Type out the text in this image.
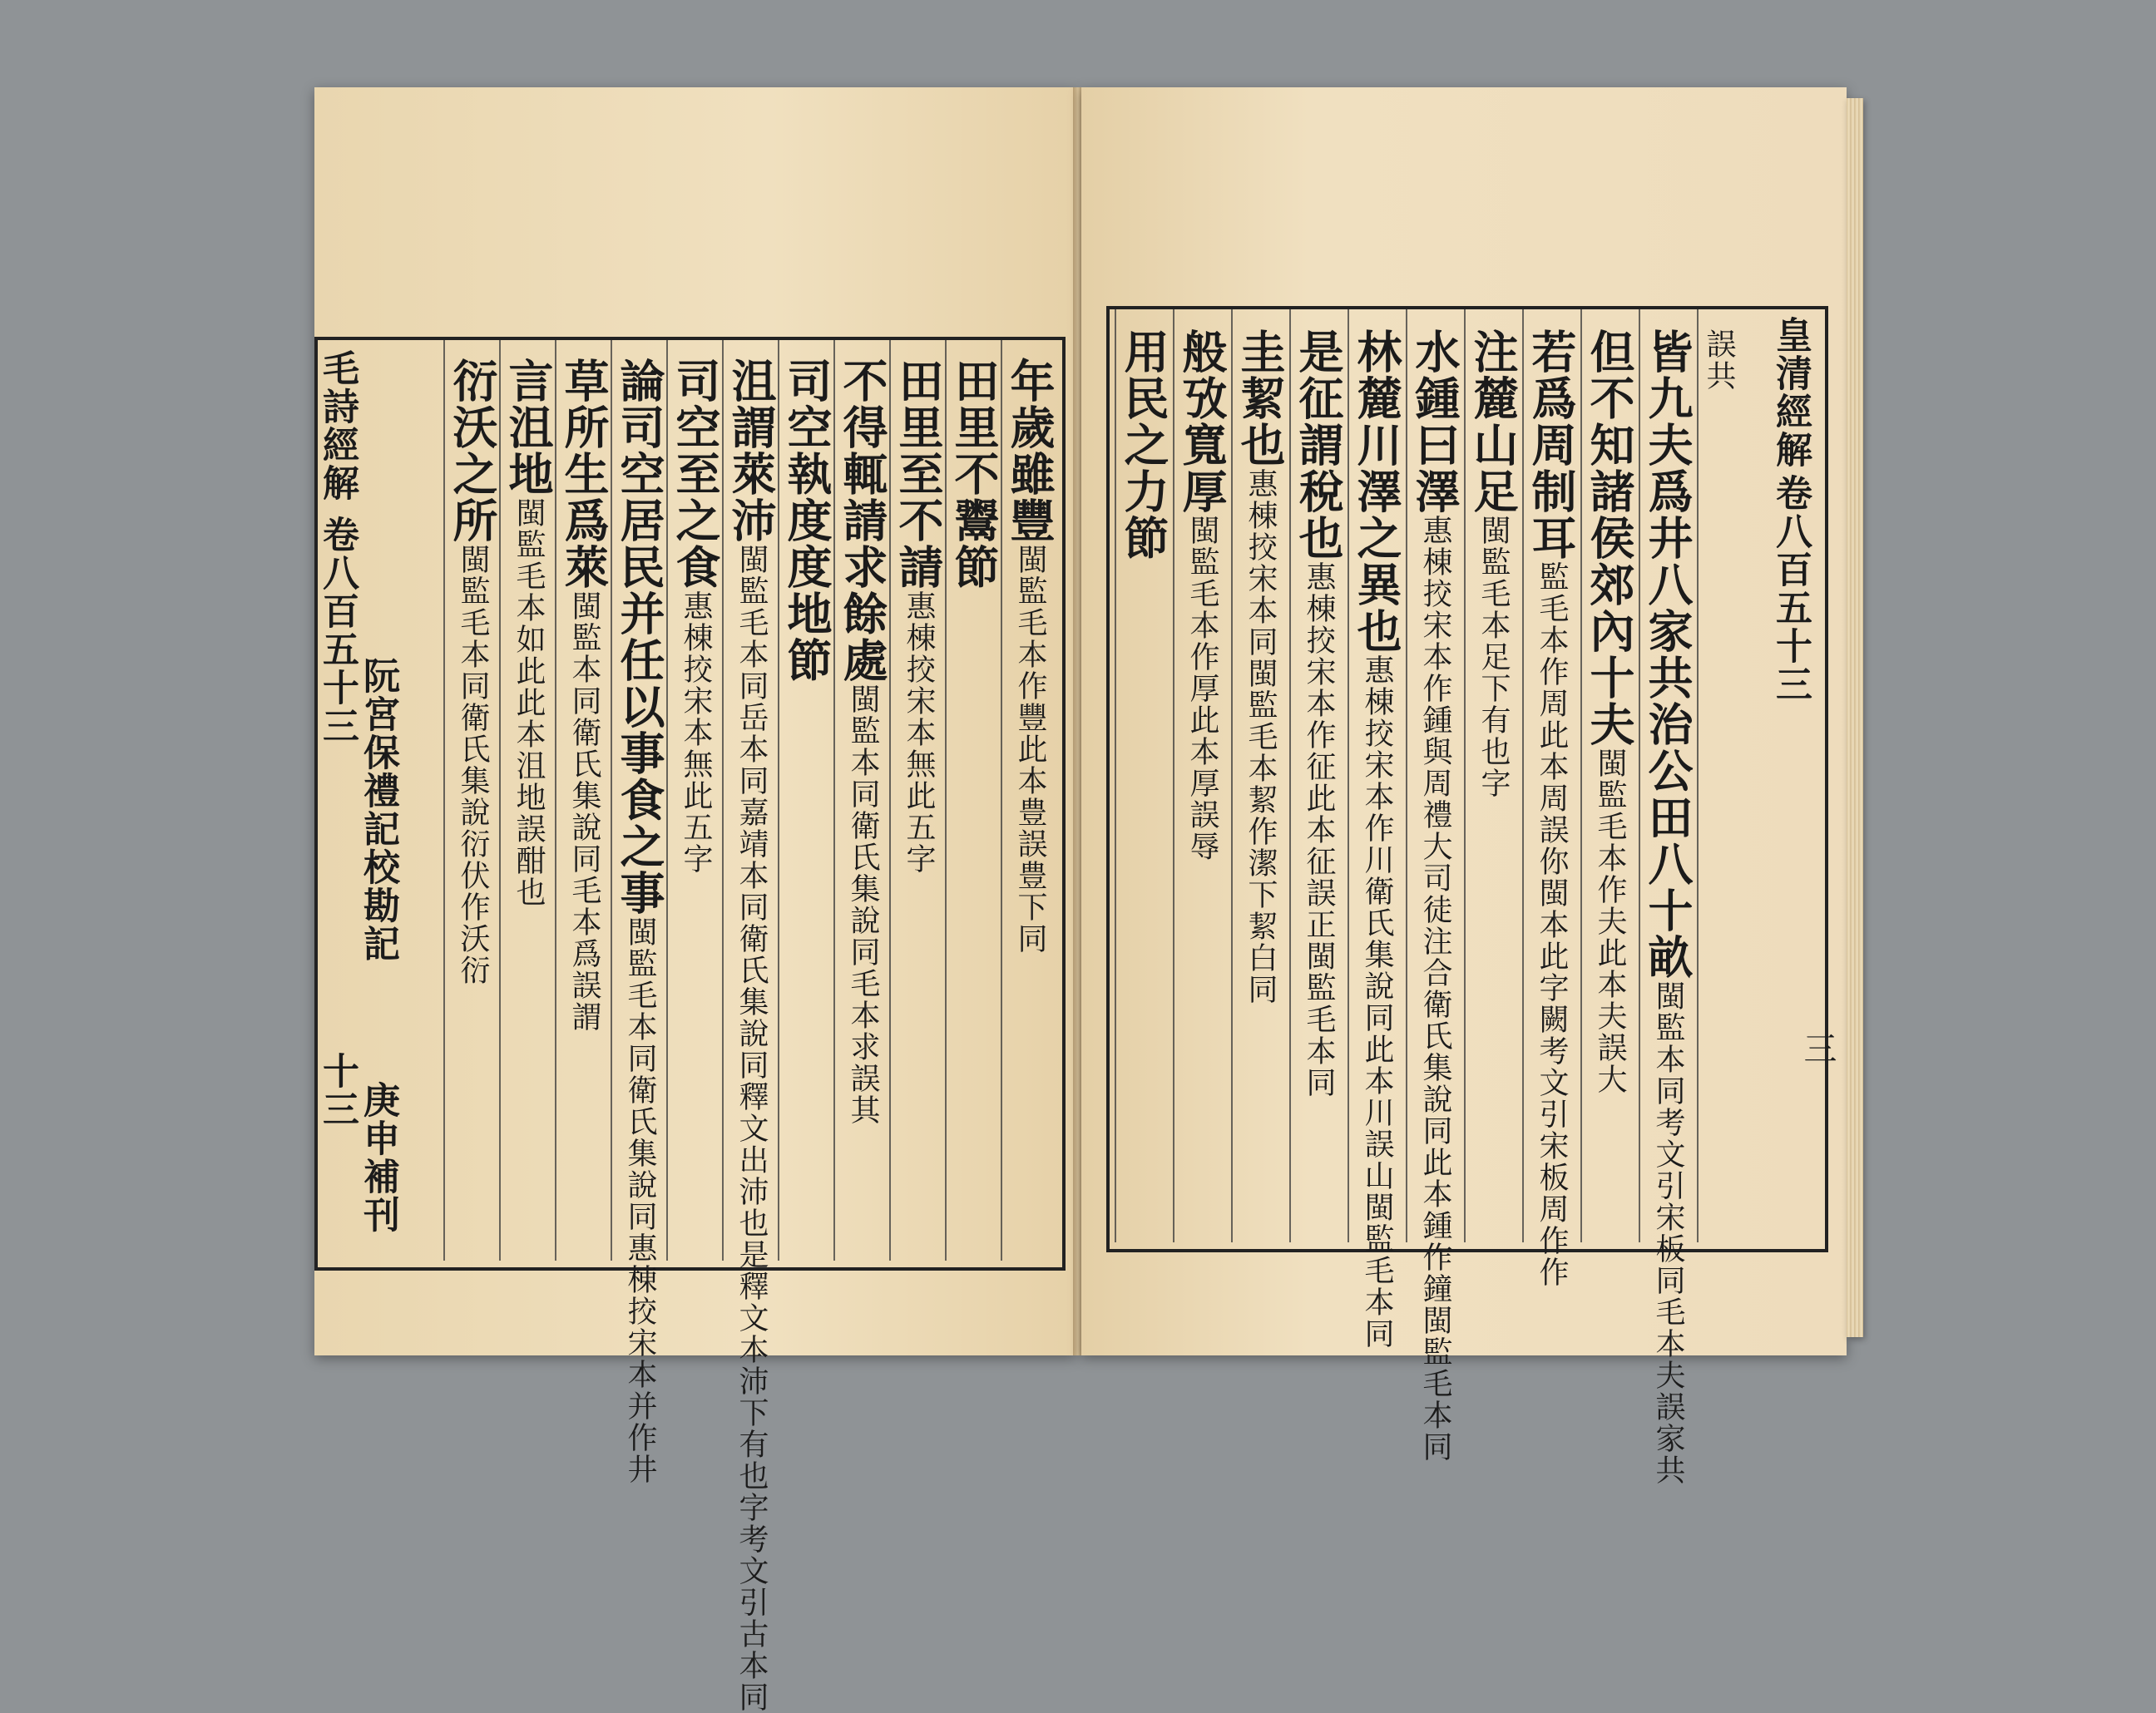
毛詩經解
卷八百五十三
阮宮保禮記校勘記
十三
庚申補刊
皇清經解
卷八百五十三
三
年歲雖豐閩監毛本作豐此本豊誤豊下同
田里不鬻節
田里至不請惠棟挍宋本無此五字
不得輒請求餘處閩監本同衛氏集說同毛本求誤其
司空執度度地節
沮謂萊沛閩監毛本同岳本同嘉靖本同衛氏集說同釋文出沛也是釋文本沛下有也字考文引古本同
司空至之食惠棟挍宋本無此五字
論司空居民并任以事食之事閩監毛本同衛氏集說同惠棟挍宋本并作井
草所生爲萊閩監本同衛氏集說同毛本爲誤謂
言沮地閩監毛本如此此本沮地誤酣也
衍沃之所閩監毛本同衛氏集說衍伏作沃衍
誤共
皆九夫爲井八家共治公田八十畝閩監本同考文引宋板同毛本夫誤家共
但不知諸侯郊內十夫閩監毛本作夫此本夫誤大
若爲周制耳監毛本作周此本周誤你閩本此字闕考文引宋板周作作
注麓山足閩監毛本足下有也字
水鍾曰澤惠棟挍宋本作鍾與周禮大司徒注合衛氏集說同此本鍾作鐘閩監毛本同
林麓川澤之異也惠棟挍宋本作川衛氏集說同此本川誤山閩監毛本同
是征謂稅也惠棟挍宋本作征此本征誤正閩監毛本同
圭絜也惠棟挍宋本同閩監毛本絜作潔下絜白同
般攷寬厚閩監毛本作厚此本厚誤辱
用民之力節
